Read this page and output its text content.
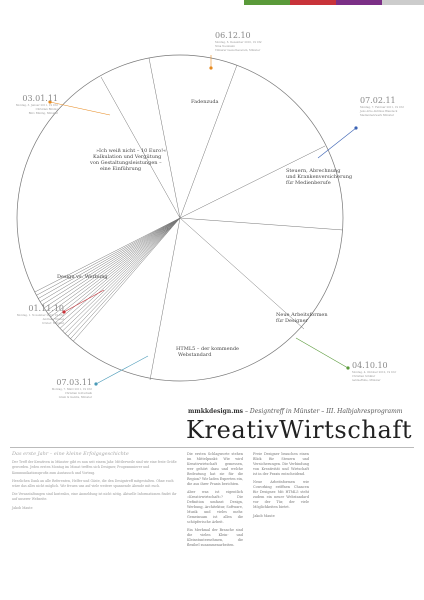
»Ich weiß nicht – 10 Euro!«
Kalkulation und Vergütung
von Gestaltungsleistungen –
eine Einführung
Fadenzuda
Steuern, Abrechnung
und Krankenversicherung
für Medienberufe
Neue Arbeitsformen
für Designer
HTML5 – der kommende
Webstandard
Design vs. Werbung
03.01.11
Montag, 3. Januar 2011, 19 Uhr
Christian Büning
Büro Büning, Münster
06.12.10
Montag, 6. Dezember 2010, 19 Uhr
Nina Neumann
Vilmarer Gewerbeverein, Münster
07.02.11
Montag, 7. Februar 2011, 19 Uhr
Jens Arne Aktimus Blaudeck
Mediennetzwerk Münster
01.11.10
Montag, 1. November 2010, 19 Uhr
Andreas Tröster
tröster: Münster
04.10.10
Montag, 4. Oktober 2010, 19 Uhr
Christian Schäfer
nehmeRuhe, Münster
07.03.11
Montag, 7. März 2011, 19 Uhr
Christian Gottschalk
Grain & Gaddis, Münster
mmkkdesign.ms – Designtreff in Münster – III. Halbjahresprogramm
KreativWirtschaft
Das erste Jahr – eine kleine Erfolgsgeschichte

Der Treff der Kreativen in Münster gibt es nun seit einem Jahr. Mittlerweile sind wir eine feste Größe geworden. Jeden ersten Montag im Monat treffen sich Designer, Programmierer und Kommunikationsprofis zum Austausch und Vortrag.

Herzlichen Dank an alle Referenten, Helfer und Gäste, die den Designtreff mitgestalten. Ohne euch wäre das alles nicht möglich. Wir freuen uns auf viele weitere spannende Abende mit euch.

Die Veranstaltungen sind kostenlos, eine Anmeldung ist nicht nötig. Aktuelle Informationen findet ihr auf unserer Webseite.

Jakob Maute

Die ersten Schlagworte stehen im Mittelpunkt: Wie wird Kreativwirtschaft gemessen, wer gehört dazu und welche Bedeutung hat sie für die Region? Wir laden Experten ein, die aus ihrer Praxis berichten.

Aber was ist eigentlich »Kreativwirtschaft«? Die Definition umfasst Design, Werbung, Architektur, Software, Musik und vieles mehr. Gemeinsam ist allen die schöpferische Arbeit.

Ein Merkmal der Branche sind die vielen Klein- und Kleinstunternehmen, die flexibel zusammenarbeiten.

Freie Designer brauchen einen Blick für Steuern und Versicherungen. Die Verbindung von Kreativität und Wirtschaft ist in der Praxis entscheidend.

Neue Arbeitsformen wie Coworking eröffnen Chancen für Designer. Mit HTML5 steht zudem ein neuer Webstandard vor der Tür, der viele Möglichkeiten bietet.

Jakob Maute
